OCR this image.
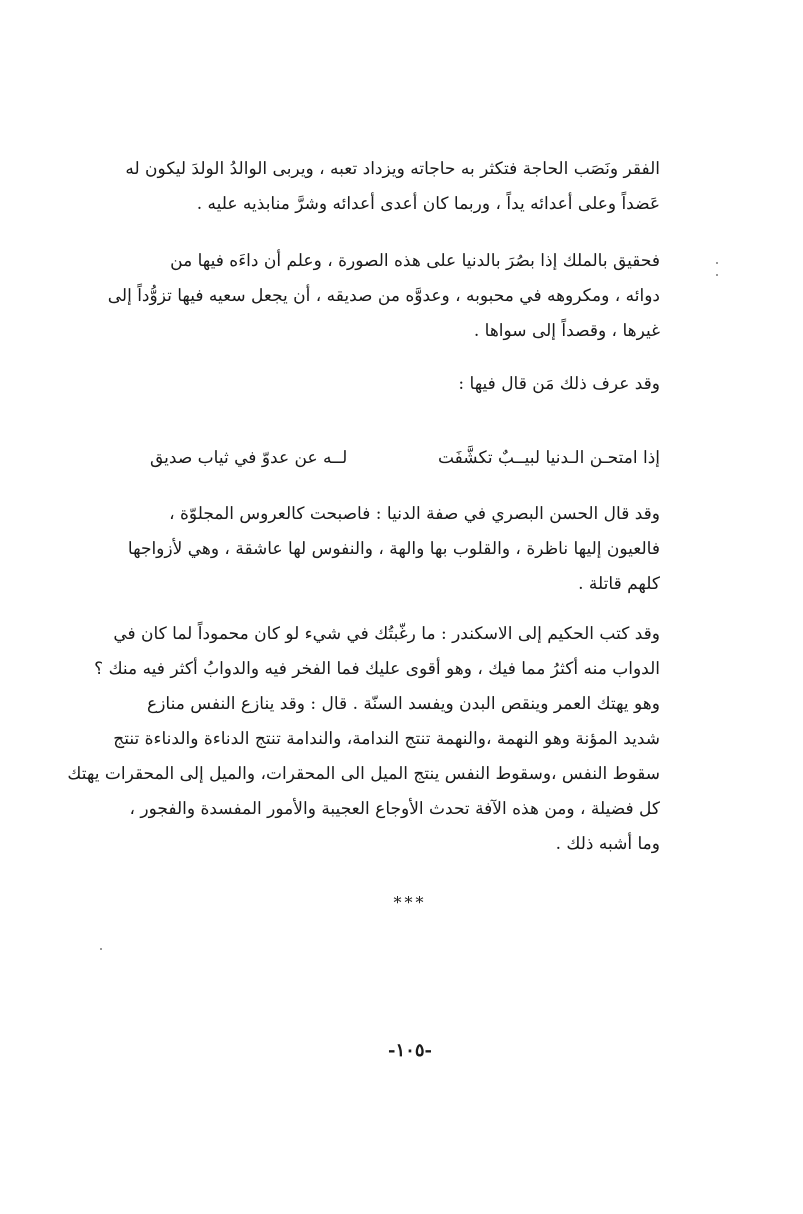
الفقر ونَصَب الحاجة فتكثر به حاجاته ويزداد تعبه ، ويربى الوالدُ الولدَ ليكون له
عَضداً وعلى أعدائه يداً ، وربما كان أعدى أعدائه وشرَّ منابذيه عليه .
فحقيق بالملك إذا بصُرَ بالدنيا على هذه الصورة ، وعلم أن داءَه فيها من
دوائه ، ومكروهه في محبوبه ، وعدوَّه من صديقه ، أن يجعل سعيه فيها تزوُّداً إلى
غيرها ، وقصداً إلى سواها .
وقد عرف ذلك مَن قال فيها :
إذا امتحـن الـدنيا لبيــبٌ تكشَّفَت
لــه عن عدوّ في ثياب صديق
وقد قال الحسن البصري في صفة الدنيا : فاصبحت كالعروس المجلوّة ،
فالعيون إليها ناظرة ، والقلوب بها والهة ، والنفوس لها عاشقة ، وهي لأزواجها
كلهم قاتلة .
وقد كتب الحكيم إلى الاسكندر : ما رغّبتُك في شيء لو كان محموداً لما كان في
الدواب منه أكثرُ مما فيك ، وهو أقوى عليك فما الفخر فيه والدوابُ أكثر فيه منك ؟
وهو يهتك العمر وينقص البدن ويفسد السنّة . قال : وقد ينازع النفس منازع
شديد المؤنة وهو النهمة ،والنهمة تنتج الندامة، والندامة تنتج الدناءة والدناءة تنتج
سقوط النفس ،وسقوط النفس ينتج الميل الى المحقرات، والميل إلى المحقرات يهتك
كل فضيلة ، ومن هذه الآفة تحدث الأوجاع العجيبة والأمور المفسدة والفجور ،
وما أشبه ذلك .
***
-١٠٥-
